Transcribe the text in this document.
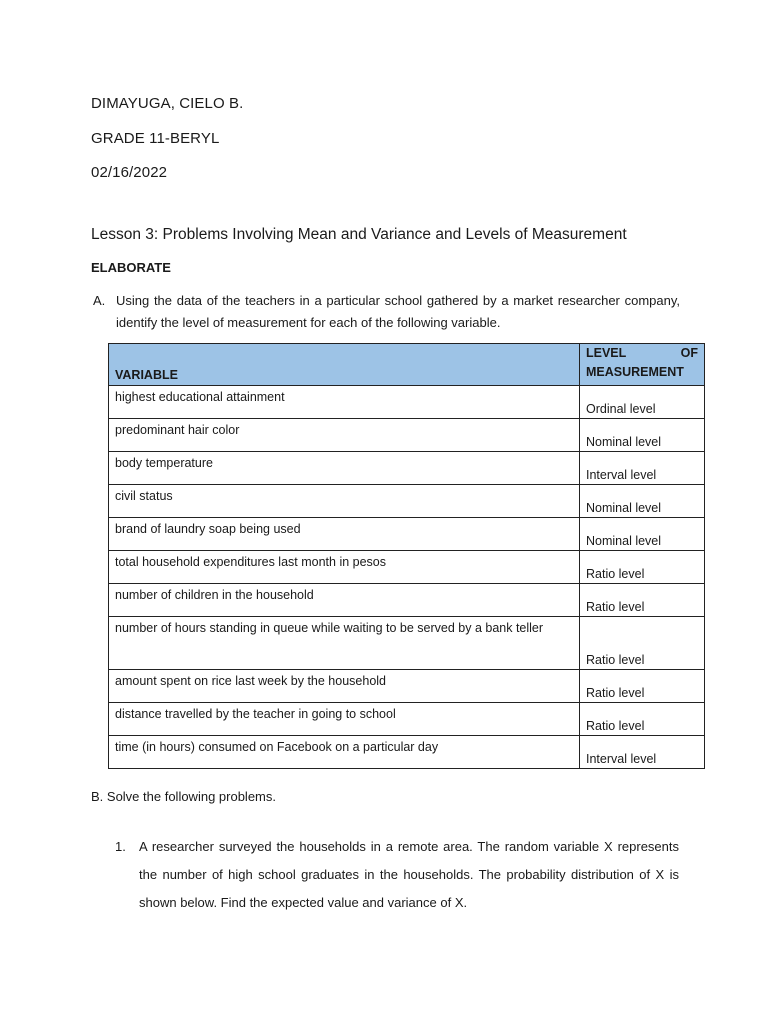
DIMAYUGA, CIELO B.
GRADE 11-BERYL
02/16/2022
Lesson 3: Problems Involving Mean and Variance and Levels of Measurement
ELABORATE
A. Using the data of the teachers in a particular school gathered by a market researcher company, identify the level of measurement for each of the following variable.
VARIABLE	LEVEL OF
MEASUREMENT

highest educational attainment	Ordinal level
predominant hair color	Nominal level
body temperature	Interval level
civil status	Nominal level
brand of laundry soap being used	Nominal level
total household expenditures last month in pesos	Ratio level
number of children in the household	Ratio level
number of hours standing in queue while waiting to be served by a bank teller	Ratio level
amount spent on rice last week by the household	Ratio level
distance travelled by the teacher in going to school	Ratio level
time (in hours) consumed on Facebook on a particular day	Interval level
B. Solve the following problems.
1. A researcher surveyed the households in a remote area. The random variable X represents the number of high school graduates in the households. The probability distribution of X is shown below. Find the expected value and variance of X.
